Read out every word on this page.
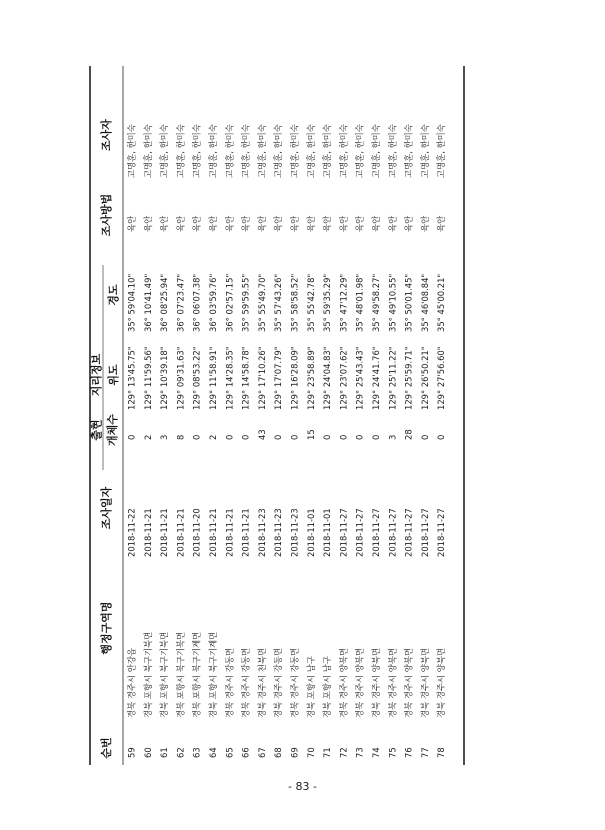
순번
행정구역명
조사일자
출현 개체수
지리정보 위도
경도
조사방법
조사자
59
경북 경주시 안강읍
2018-11-22
0
129° 13'45.75"
35° 59'04.10"
육안
고명훈, 한미숙
60
경북 포항시 북구기북면
2018-11-21
2
129° 11'59.56"
36° 10'41.49"
육안
고명훈, 한미숙
61
경북 포항시 북구기북면
2018-11-21
3
129° 10'39.18"
36° 08'25.94"
육안
고명훈, 한미숙
62
경북 포항시 북구기북면
2018-11-21
8
129° 09'31.63"
36° 07'23.47"
육안
고명훈, 한미숙
63
경북 포항시 북구기계면
2018-11-20
0
129° 08'53.22"
36° 06'07.38"
육안
고명훈, 한미숙
64
경북 포항시 북구기계면
2018-11-21
2
129° 11'58.91"
36° 03'59.76"
육안
고명훈, 한미숙
65
경북 경주시 강동면
2018-11-21
0
129° 14'28.35"
36° 02'57.15"
육안
고명훈, 한미숙
66
경북 경주시 강동면
2018-11-21
0
129° 14'58.78"
35° 59'59.55"
육안
고명훈, 한미숙
67
경북 경주시 천북면
2018-11-23
43
129° 17'10.26"
35° 55'49.70"
육안
고명훈, 한미숙
68
경북 경주시 강동면
2018-11-23
0
129° 17'07.79"
35° 57'43.26"
육안
고명훈, 한미숙
69
경북 경주시 강동면
2018-11-23
0
129° 16'28.09"
35° 58'58.52"
육안
고명훈, 한미숙
70
경북 포항시 남구
2018-11-01
15
129° 23'58.89"
35° 55'42.78"
육안
고명훈, 한미숙
71
경북 포항시 남구
2018-11-01
0
129° 24'04.83"
35° 59'35.29"
육안
고명훈, 한미숙
72
경북 경주시 양북면
2018-11-27
0
129° 23'07.62"
35° 47'12.29"
육안
고명훈, 한미숙
73
경북 경주시 양북면
2018-11-27
0
129° 25'43.43"
35° 48'01.98"
육안
고명훈, 한미숙
74
경북 경주시 양북면
2018-11-27
0
129° 24'41.76"
35° 49'58.27"
육안
고명훈, 한미숙
75
경북 경주시 양북면
2018-11-27
3
129° 25'11.22"
35° 49'10.55"
육안
고명훈, 한미숙
76
경북 경주시 양북면
2018-11-27
28
129° 25'59.71"
35° 50'01.45"
육안
고명훈, 한미숙
77
경북 경주시 양북면
2018-11-27
0
129° 26'50.21"
35° 46'08.84"
육안
고명훈, 한미숙
78
경북 경주시 양북면
2018-11-27
0
129° 27'56.60"
35° 45'00.21"
육안
고명훈, 한미숙
- 83 -
